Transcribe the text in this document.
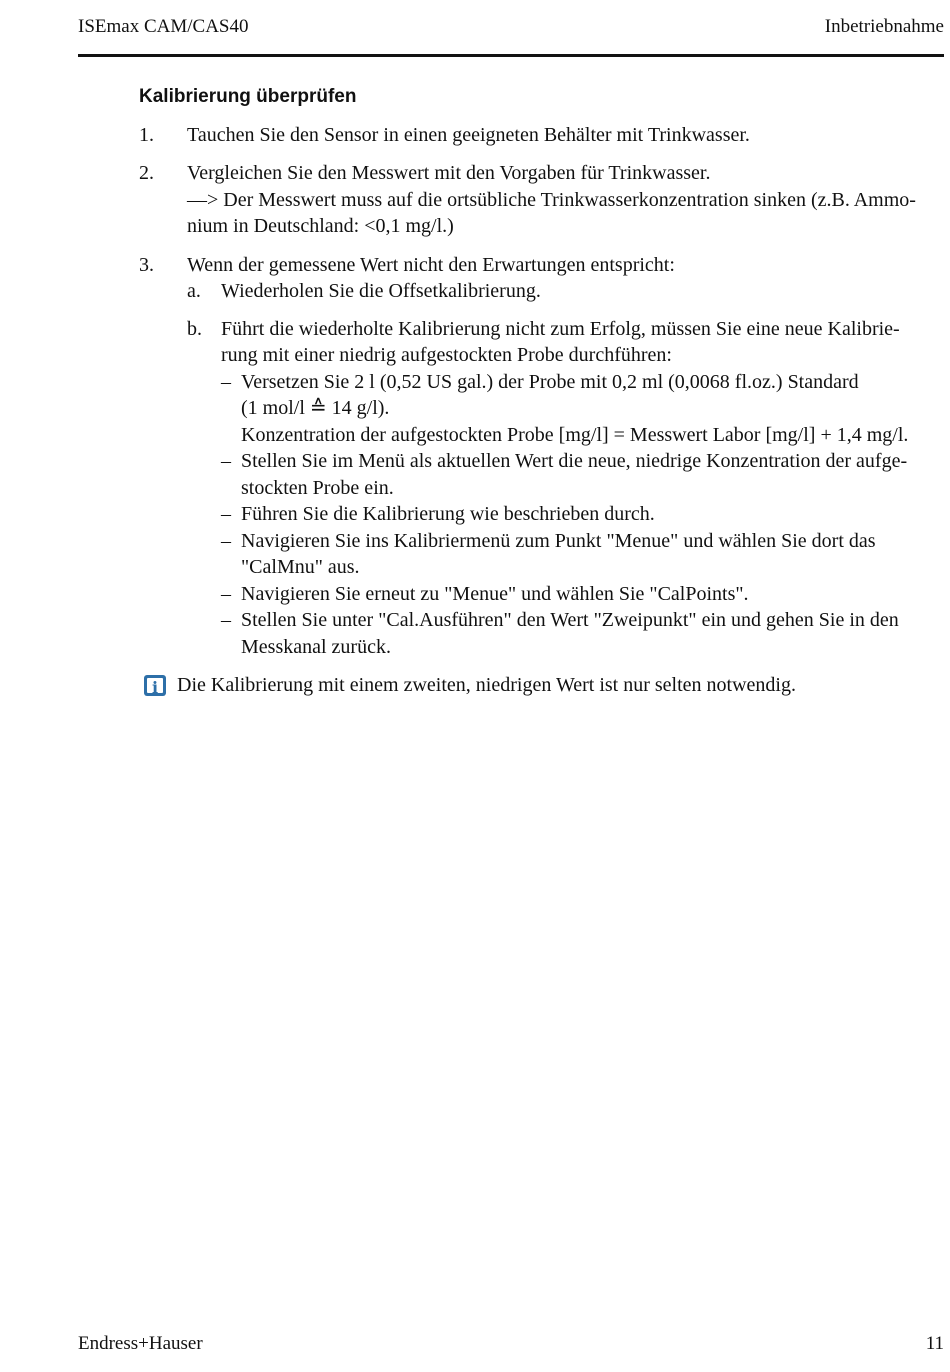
ISEmax CAM/CAS40	Inbetriebnahme
Kalibrierung überprüfen
1. Tauchen Sie den Sensor in einen geeigneten Behälter mit Trinkwasser.
2. Vergleichen Sie den Messwert mit den Vorgaben für Trinkwasser.
—> Der Messwert muss auf die ortsübliche Trinkwasserkonzentration sinken (z.B. Ammo-
nium in Deutschland: <0,1 mg/l.)
3. Wenn der gemessene Wert nicht den Erwartungen entspricht:
a. Wiederholen Sie die Offsetkalibrierung.
b. Führt die wiederholte Kalibrierung nicht zum Erfolg, müssen Sie eine neue Kalibrie-
rung mit einer niedrig aufgestockten Probe durchführen:
– Versetzen Sie 2 l (0,52 US gal.) der Probe mit 0,2 ml (0,0068 fl.oz.) Standard
(1 mol/l ≙ 14 g/l).
Konzentration der aufgestockten Probe [mg/l] = Messwert Labor [mg/l] + 1,4 mg/l.
– Stellen Sie im Menü als aktuellen Wert die neue, niedrige Konzentration der aufge-
stockten Probe ein.
– Führen Sie die Kalibrierung wie beschrieben durch.
– Navigieren Sie ins Kalibriermenü zum Punkt "Menue" und wählen Sie dort das
"CalMnu" aus.
– Navigieren Sie erneut zu "Menue" und wählen Sie "CalPoints".
– Stellen Sie unter "Cal.Ausführen" den Wert "Zweipunkt" ein und gehen Sie in den
Messkanal zurück.
i Die Kalibrierung mit einem zweiten, niedrigen Wert ist nur selten notwendig.
Endress+Hauser	11
